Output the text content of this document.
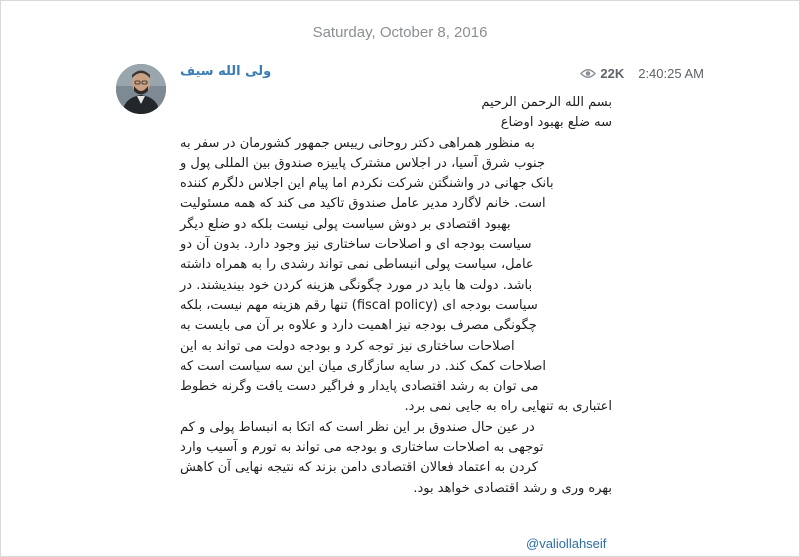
Saturday, October 8, 2016
ولی الله سیف	22K 2:40:25 AM
بسم الله الرحمن الرحیم
سه ضلع بهبود اوضاع
به منظور همراهی دکتر روحانی رییس جمهور کشورمان در سفر به
جنوب شرق آسیا، در اجلاس مشترک پاییزه صندوق بین المللی پول و
بانک جهانی در واشنگتن شرکت نکردم اما پیام این اجلاس دلگرم کننده
است. خانم لاگارد مدیر عامل صندوق تاکید می کند که همه مسئولیت
بهبود اقتصادی بر دوش سیاست پولی نیست بلکه دو ضلع دیگر
سیاست بودجه ای و اصلاحات ساختاری نیز وجود دارد. بدون آن دو
عامل، سیاست پولی انبساطی نمی تواند رشدی را به همراه داشته
باشد. دولت ها باید در مورد چگونگی هزینه کردن خود بیندیشند. در
سیاست بودجه ای (fiscal policy) تنها رقم هزینه مهم نیست، بلکه
چگونگی مصرف بودجه نیز اهمیت دارد و علاوه بر آن می بایست به
اصلاحات ساختاری نیز توجه کرد و بودجه دولت می تواند به این
اصلاحات کمک کند. در سایه سازگاری میان این سه سیاست است که
می توان به رشد اقتصادی پایدار و فراگیر دست یافت وگرنه خطوط
اعتباری به تنهایی راه به جایی نمی برد.
در عین حال صندوق بر این نظر است که اتکا به انبساط پولی و کم
توجهی به اصلاحات ساختاری و بودجه می تواند به تورم و آسیب وارد
کردن به اعتماد فعالان اقتصادی دامن بزند که نتیجه نهایی آن کاهش
بهره وری و رشد اقتصادی خواهد بود.
@valiollahseif
